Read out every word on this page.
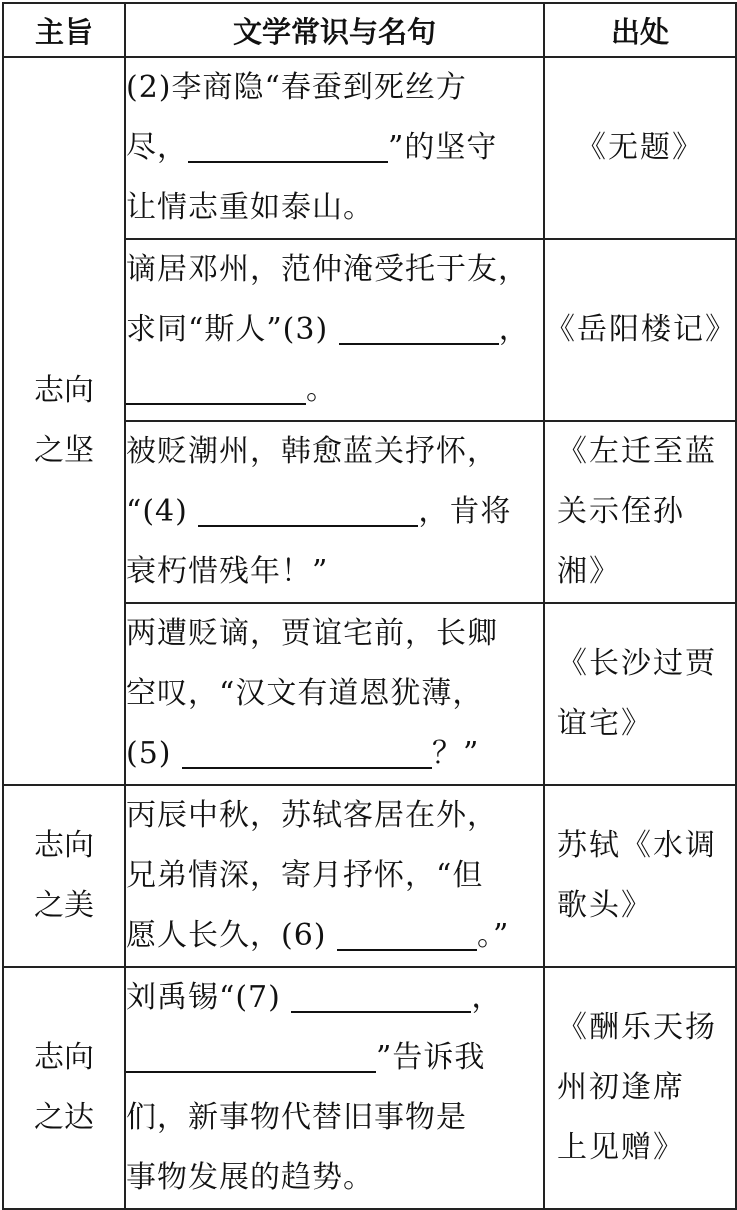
主旨	文学常识与名句	出处

志向
之坚	(2)李商隐“春蚕到死丝方
尽， ”的坚守
让情志重如泰山。	《无题》

	谪居邓州，范仲淹受托于友，
求同“斯人”(3) ，
。	《岳阳楼记》

	被贬潮州，韩愈蓝关抒怀，
“(4) ，肯将
衰朽惜残年！”	《左迁至蓝
关示侄孙
湘》

	两遭贬谪，贾谊宅前，长卿
空叹，“汉文有道恩犹薄，
(5) ？”	《长沙过贾
谊宅》

志向
之美	丙辰中秋，苏轼客居在外，
兄弟情深，寄月抒怀，“但
愿人长久，(6) 。”	苏轼《水调
歌头》

志向
之达	刘禹锡“(7) ，
”告诉我
们，新事物代替旧事物是
事物发展的趋势。	《酬乐天扬
州初逢席
上见赠》
